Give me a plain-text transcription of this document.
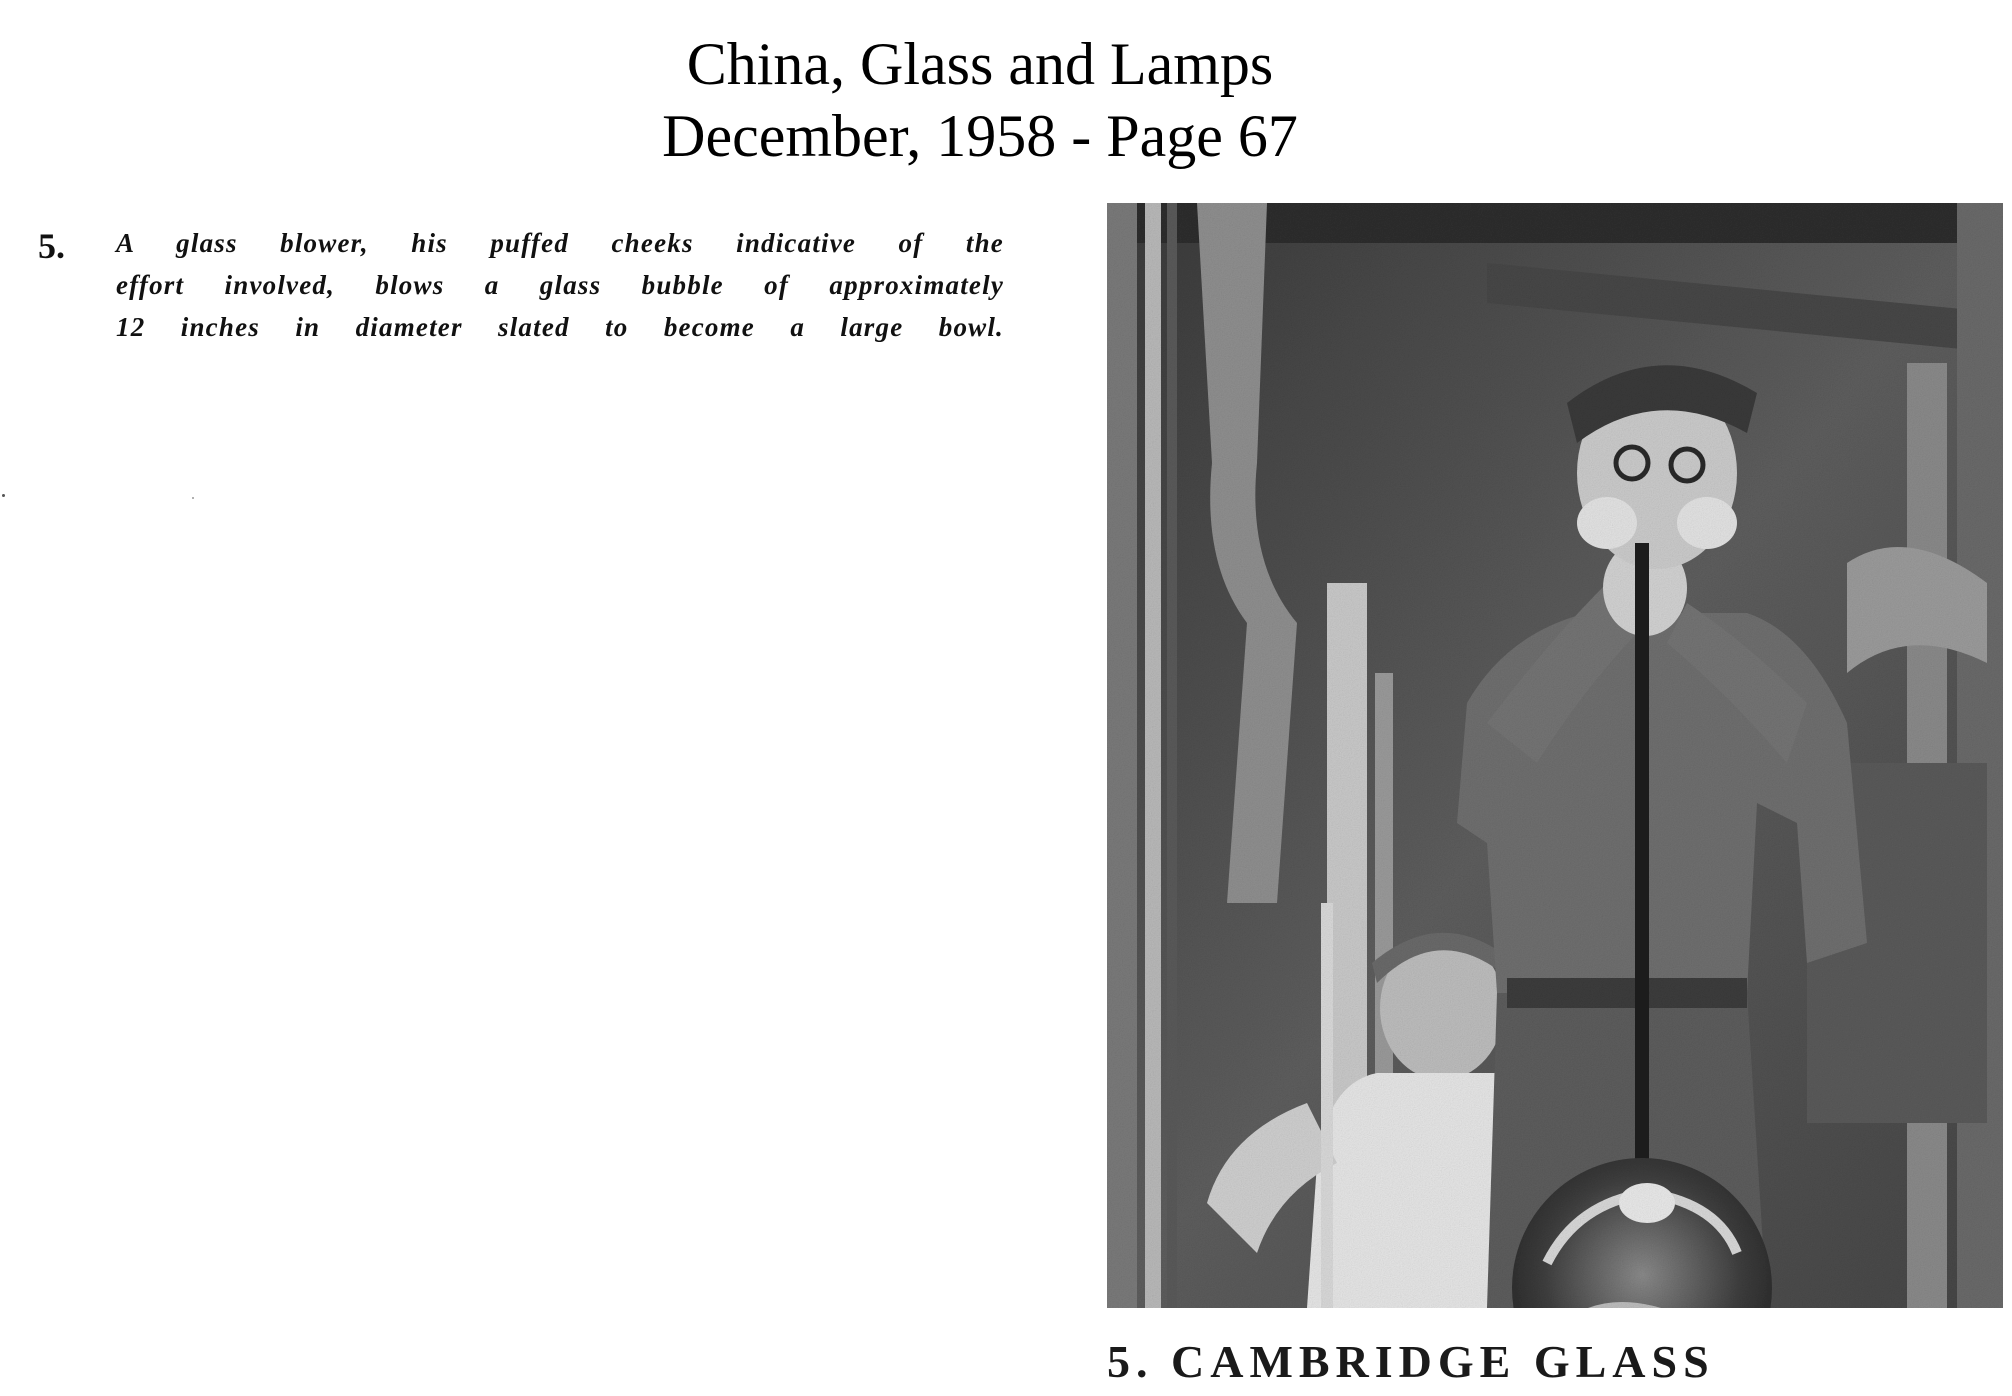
China, Glass and Lamps
December, 1958 - Page 67
5. A glass blower, his puffed cheeks indicative of the
effort involved, blows a glass bubble of approximately
12 inches in diameter slated to become a large bowl.
5. CAMBRIDGE GLASS
